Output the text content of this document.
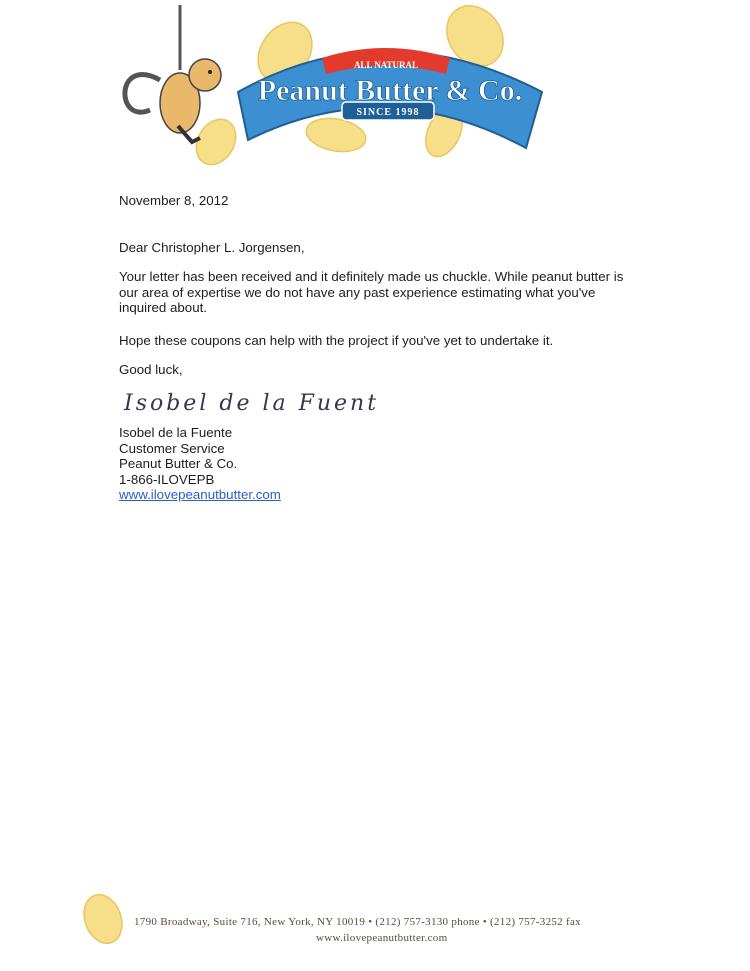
ALL NATURAL
Peanut Butter & Co.
SINCE 1998

November 8, 2012

Dear Christopher L. Jorgensen,

Your letter has been received and it definitely made us chuckle. While peanut butter is our area of expertise we do not have any past experience estimating what you've inquired about.

Hope these coupons can help with the project if you've yet to undertake it.

Good luck,

Isobel de la Fuente
Isobel de la Fuente
Customer Service
Peanut Butter & Co.
1-866-ILOVEPB
www.ilovepeanutbutter.com
1790 Broadway, Suite 716, New York, NY 10019 • (212) 757-3130 phone • (212) 757-3252 fax
www.ilovepeanutbutter.com
